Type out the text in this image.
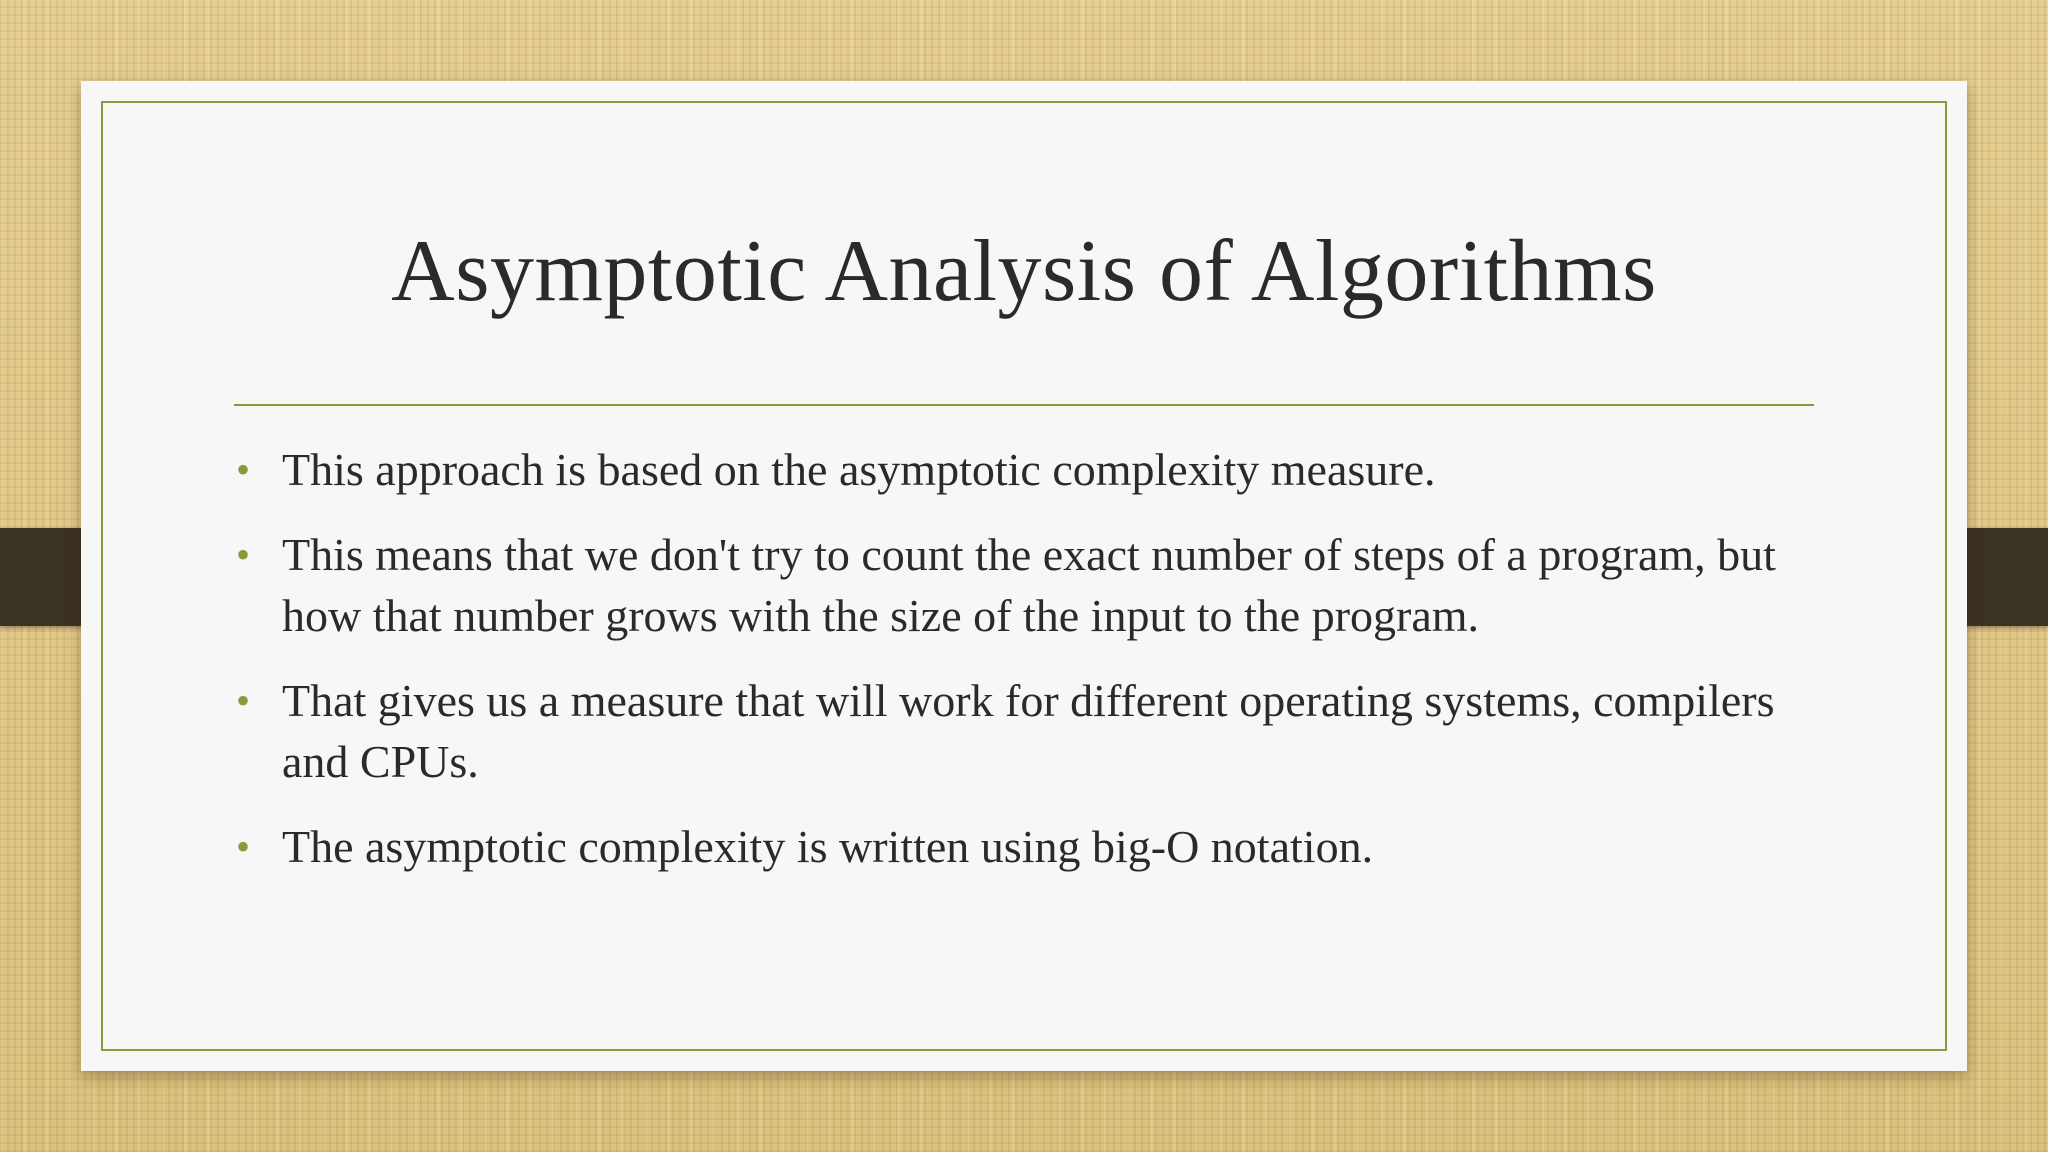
Asymptotic Analysis of Algorithms
• This approach is based on the asymptotic complexity measure.
• This means that we don't try to count the exact number of steps of a program, but how that number grows with the size of the input to the program.
• That gives us a measure that will work for different operating systems, compilers and CPUs.
• The asymptotic complexity is written using big-O notation.
